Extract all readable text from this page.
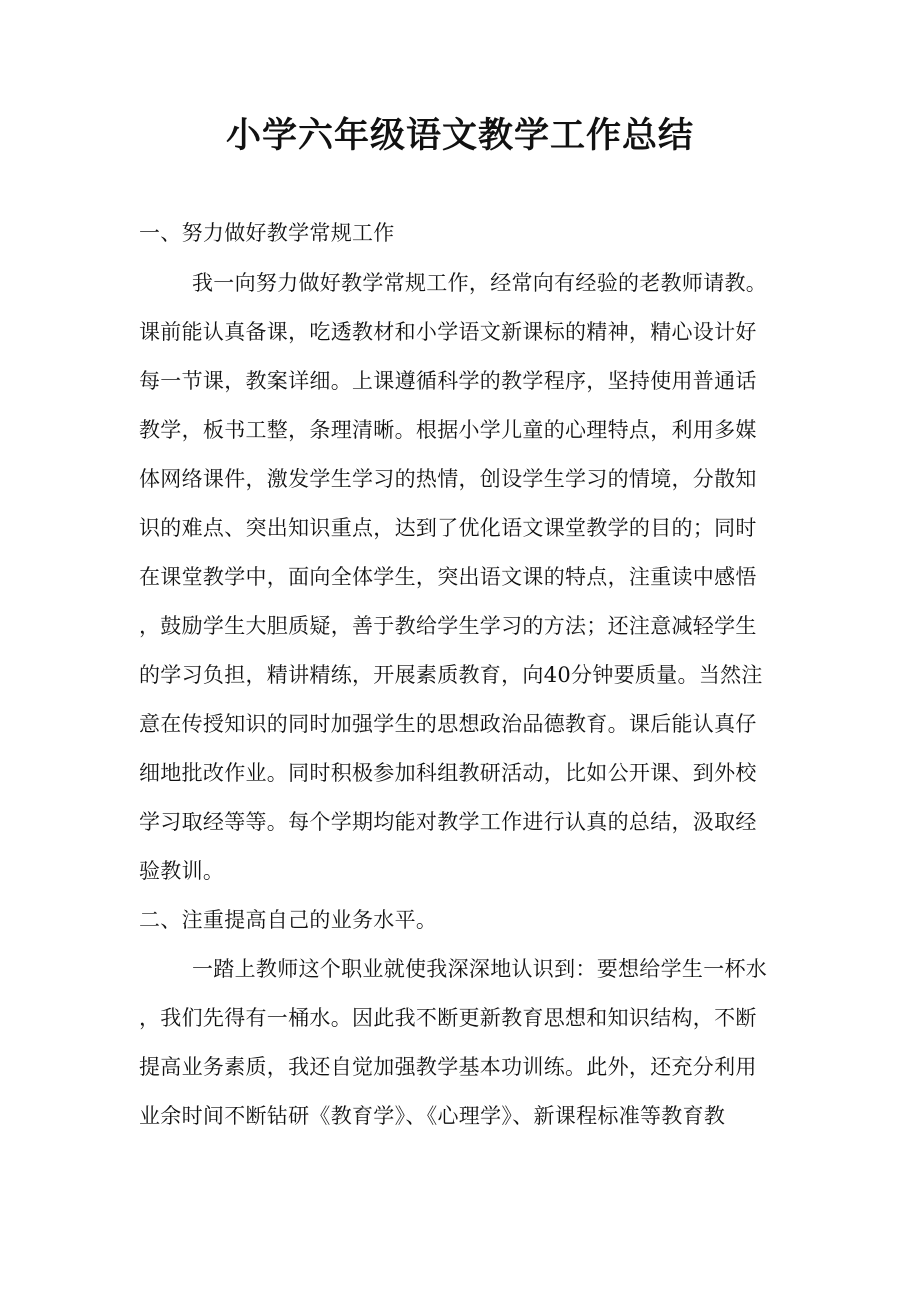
小学六年级语文教学工作总结
一、努力做好教学常规工作
我一向努力做好教学常规工作，经常向有经验的老教师请教。
课前能认真备课，吃透教材和小学语文新课标的精神，精心设计好
每一节课，教案详细。上课遵循科学的教学程序，坚持使用普通话
教学，板书工整，条理清晰。根据小学儿童的心理特点，利用多媒
体网络课件，激发学生学习的热情，创设学生学习的情境，分散知
识的难点、突出知识重点，达到了优化语文课堂教学的目的；同时
在课堂教学中，面向全体学生，突出语文课的特点，注重读中感悟
，鼓励学生大胆质疑，善于教给学生学习的方法；还注意减轻学生
的学习负担，精讲精练，开展素质教育，向40分钟要质量。当然注
意在传授知识的同时加强学生的思想政治品德教育。课后能认真仔
细地批改作业。同时积极参加科组教研活动，比如公开课、到外校
学习取经等等。每个学期均能对教学工作进行认真的总结，汲取经
验教训。
二、注重提高自己的业务水平。
一踏上教师这个职业就使我深深地认识到：要想给学生一杯水
，我们先得有一桶水。因此我不断更新教育思想和知识结构，不断
提高业务素质，我还自觉加强教学基本功训练。此外，还充分利用
业余时间不断钻研《教育学》、《心理学》、新课程标准等教育教
